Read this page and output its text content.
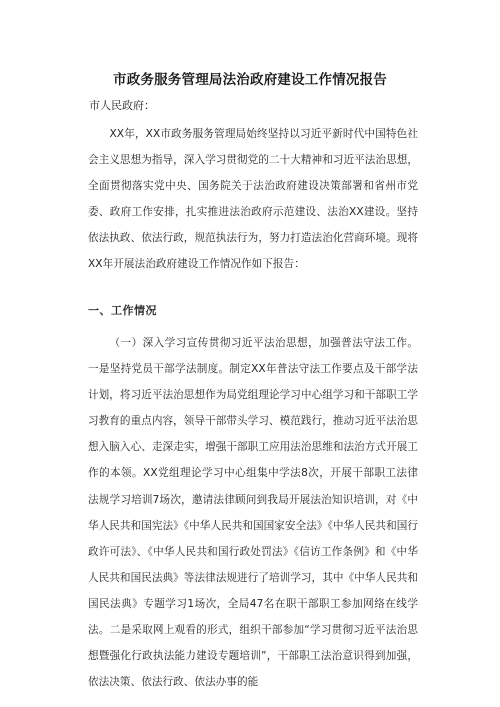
市政务服务管理局法治政府建设工作情况报告
市人民政府：

XX年，XX市政务服务管理局始终坚持以习近平新时代中国特色社会主义思想为指导，深入学习贯彻党的二十大精神和习近平法治思想，全面贯彻落实党中央、国务院关于法治政府建设决策部署和省州市党委、政府工作安排，扎实推进法治政府示范建设、法治XX建设。坚持依法执政、依法行政，规范执法行为，努力打造法治化营商环境。现将XX年开展法治政府建设工作情况作如下报告：

一、工作情况

（一）深入学习宣传贯彻习近平法治思想，加强普法守法工作。一是坚持党员干部学法制度。制定XX年普法守法工作要点及干部学法计划，将习近平法治思想作为局党组理论学习中心组学习和干部职工学习教育的重点内容，领导干部带头学习、模范践行，推动习近平法治思想入脑入心、走深走实，增强干部职工应用法治思维和法治方式开展工作的本领。XX党组理论学习中心组集中学法8次，开展干部职工法律法规学习培训7场次，邀请法律顾问到我局开展法治知识培训，对《中华人民共和国宪法》《中华人民共和国国家安全法》《中华人民共和国行政许可法》、《中华人民共和国行政处罚法》《信访工作条例》和《中华人民共和国民法典》等法律法规进行了培训学习，其中《中华人民共和国民法典》专题学习1场次，全局47名在职干部职工参加网络在线学法。二是采取网上观看的形式，组织干部参加“学习贯彻习近平法治思想暨强化行政执法能力建设专题培训”，干部职工法治意识得到加强，依法决策、依法行政、依法办事的能
